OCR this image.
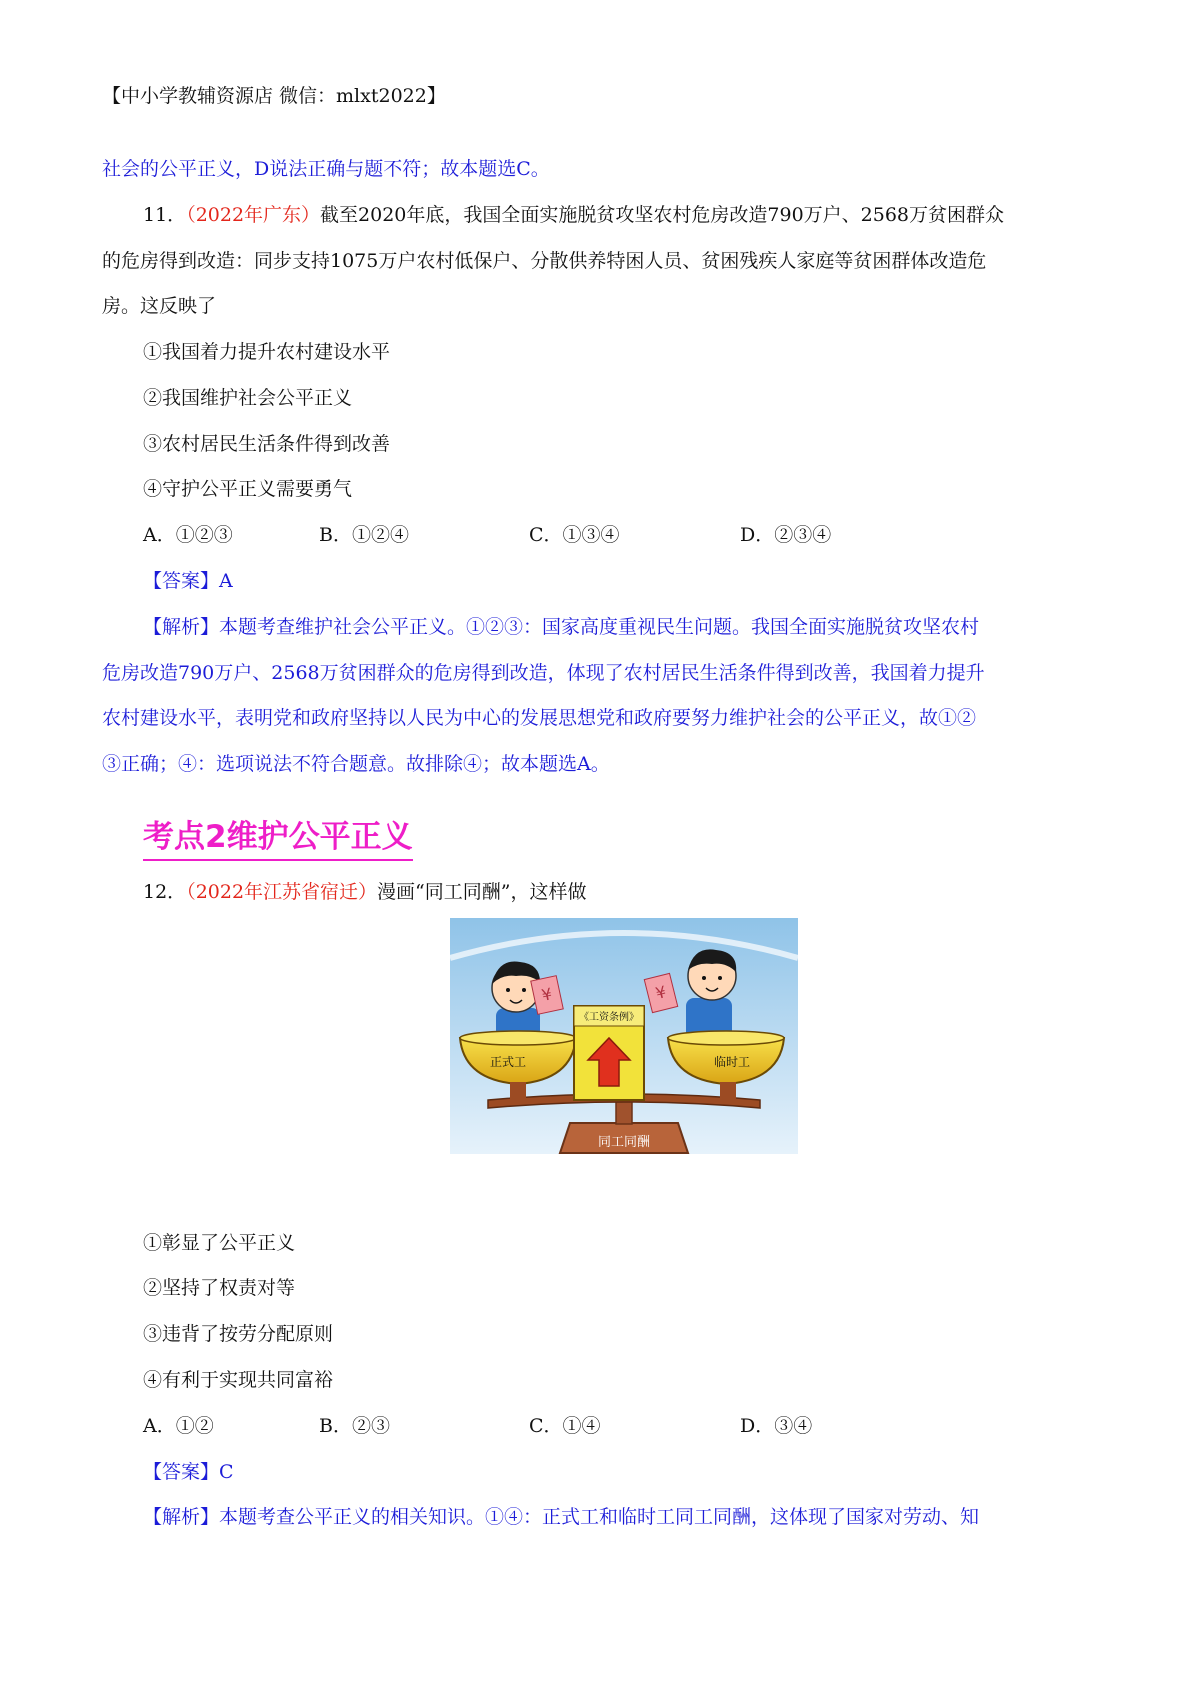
【中小学教辅资源店 微信：mlxt2022】
社会的公平正义，D说法正确与题不符；故本题选C。
11．（2022年广东）截至2020年底，我国全面实施脱贫攻坚农村危房改造790万户、2568万贫困群众
的危房得到改造：同步支持1075万户农村低保户、分散供养特困人员、贫困残疾人家庭等贫困群体改造危
房。这反映了
①我国着力提升农村建设水平
②我国维护社会公平正义
③农村居民生活条件得到改善
④守护公平正义需要勇气
A．①②③	B．①②④	C．①③④	D．②③④
【答案】A
【解析】本题考查维护社会公平正义。①②③：国家高度重视民生问题。我国全面实施脱贫攻坚农村
危房改造790万户、2568万贫困群众的危房得到改造，体现了农村居民生活条件得到改善，我国着力提升
农村建设水平，表明党和政府坚持以人民为中心的发展思想党和政府要努力维护社会的公平正义，故①②
③正确；④：选项说法不符合题意。故排除④；故本题选A。
考点2维护公平正义
12．（2022年江苏省宿迁）漫画“同工同酬”，这样做
同工同酬
¥
正式工
《工资条例》
¥
临时工
①彰显了公平正义
②坚持了权责对等
③违背了按劳分配原则
④有利于实现共同富裕
A．①②	B．②③	C．①④	D．③④
【答案】C
【解析】本题考查公平正义的相关知识。①④：正式工和临时工同工同酬，这体现了国家对劳动、知
